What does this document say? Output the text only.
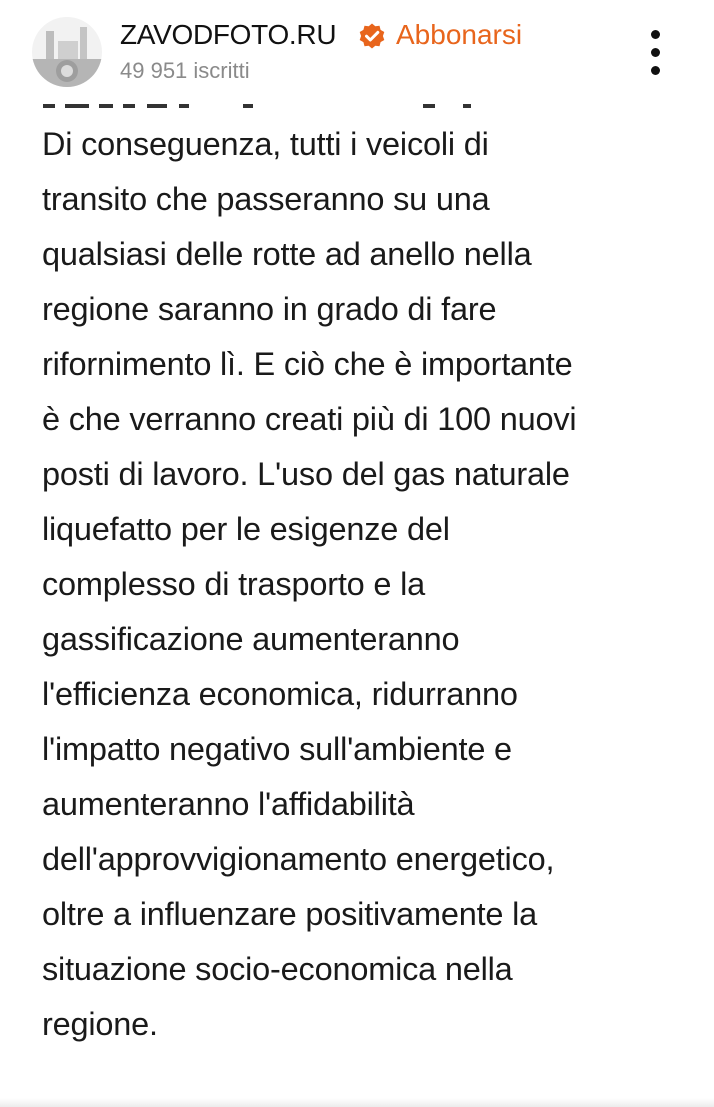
ZAVODFOTO.RU Abbonarsi
49 951 iscritti
Di conseguenza, tutti i veicoli di
transito che passeranno su una
qualsiasi delle rotte ad anello nella
regione saranno in grado di fare
rifornimento lì. E ciò che è importante
è che verranno creati più di 100 nuovi
posti di lavoro. L'uso del gas naturale
liquefatto per le esigenze del
complesso di trasporto e la
gassificazione aumenteranno
l'efficienza economica, ridurranno
l'impatto negativo sull'ambiente e
aumenteranno l'affidabilità
dell'approvvigionamento energetico,
oltre a influenzare positivamente la
situazione socio-economica nella
regione.
